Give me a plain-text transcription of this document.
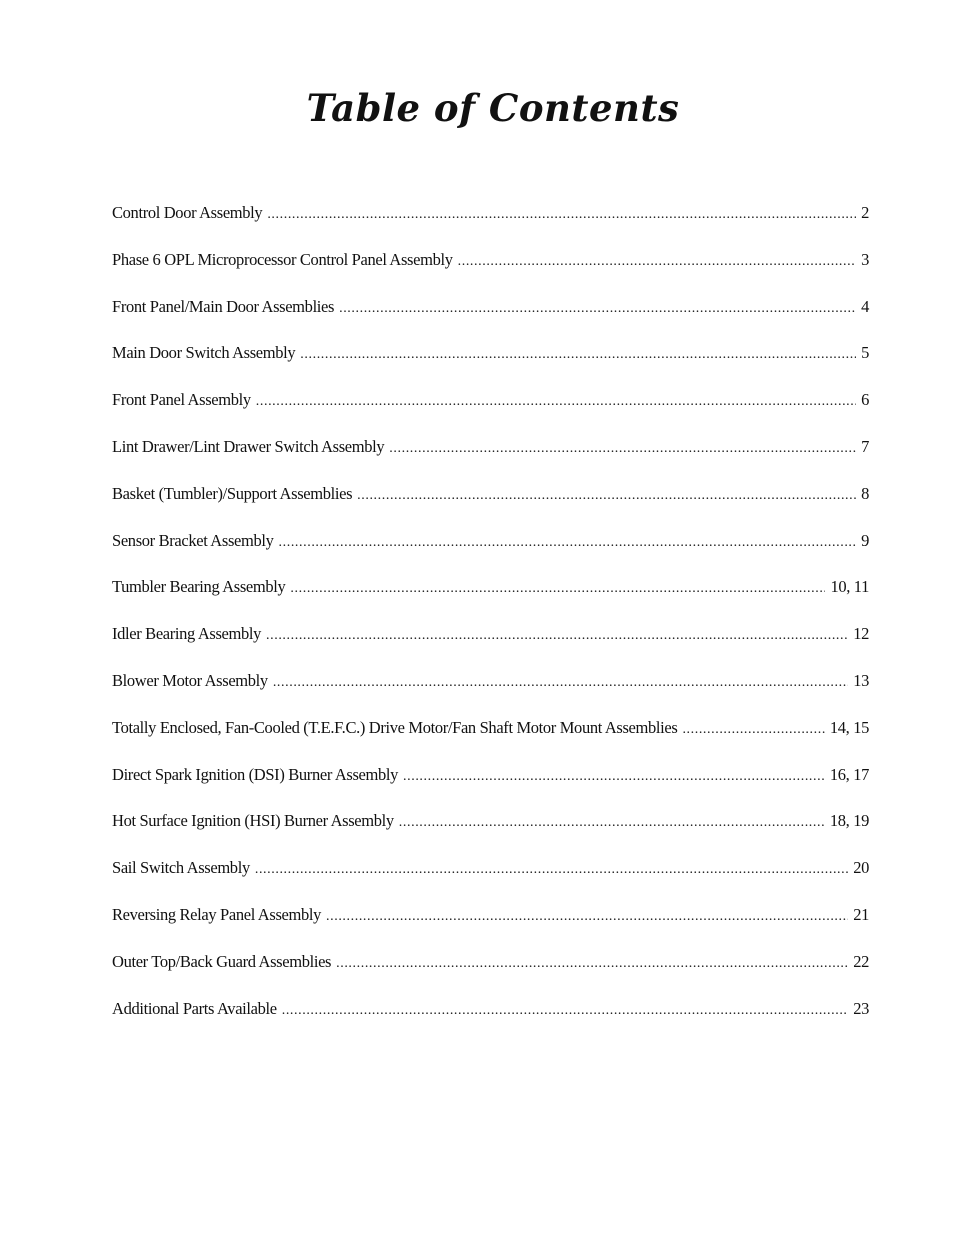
Table of Contents
Control Door Assembly .....	2
Phase 6 OPL Microprocessor Control Panel Assembly .....	3
Front Panel/Main Door Assemblies .....	4
Main Door Switch Assembly .....	5
Front Panel Assembly .....	6
Lint Drawer/Lint Drawer Switch Assembly .....	7
Basket (Tumbler)/Support Assemblies .....	8
Sensor Bracket Assembly .....	9
Tumbler Bearing Assembly .....	10, 11
Idler Bearing Assembly .....	12
Blower Motor Assembly .....	13
Totally Enclosed, Fan-Cooled (T.E.F.C.) Drive Motor/Fan Shaft Motor Mount Assemblies .....	14, 15
Direct Spark Ignition (DSI) Burner Assembly .....	16, 17
Hot Surface Ignition (HSI) Burner Assembly .....	18, 19
Sail Switch Assembly .....	20
Reversing Relay Panel Assembly .....	21
Outer Top/Back Guard Assemblies .....	22
Additional Parts Available .....	23
